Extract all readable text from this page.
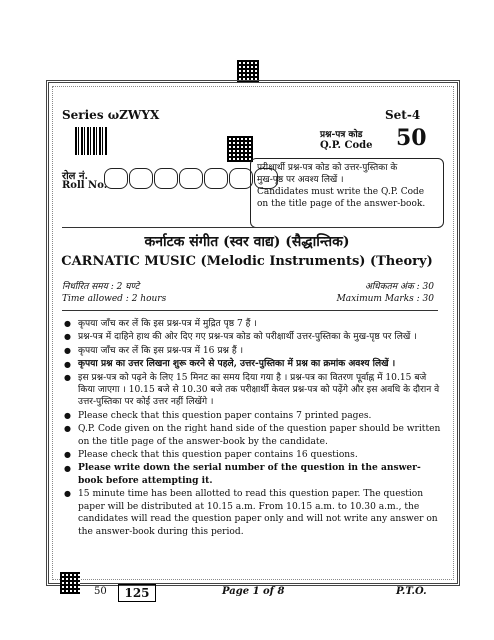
Series ωZWYX	Set-4
प्रश्न-पत्र कोड
Q.P. Code 50
रोल नं.
Roll No.
परीक्षार्थी प्रश्न-पत्र कोड को उत्तर-पुस्तिका के
मुख-पृष्ठ पर अवश्य लिखें ।
Candidates must write the Q.P. Code
on the title page of the answer-book.
कर्नाटक संगीत (स्वर वाद्य) (सैद्धान्तिक)
CARNATIC MUSIC (Melodic Instruments) (Theory)
निर्धारित समय : 2 घण्टे	अधिकतम अंक : 30
Time allowed : 2 hours	Maximum Marks : 30
● कृपया जाँच कर लें कि इस प्रश्न-पत्र में मुद्रित पृष्ठ 7 हैं ।
● प्रश्न-पत्र में दाहिने हाथ की ओर दिए गए प्रश्न-पत्र कोड को परीक्षार्थी उत्तर-पुस्तिका के मुख-पृष्ठ पर लिखें ।
● कृपया जाँच कर लें कि इस प्रश्न-पत्र में 16 प्रश्न हैं ।
● कृपया प्रश्न का उत्तर लिखना शुरू करने से पहले, उत्तर-पुस्तिका में प्रश्न का क्रमांक अवश्य लिखें ।
● इस प्रश्न-पत्र को पढ़ने के लिए 15 मिनट का समय दिया गया है । प्रश्न-पत्र का वितरण पूर्वाह्न में 10.15 बजे किया जाएगा । 10.15 बजे से 10.30 बजे तक परीक्षार्थी केवल प्रश्न-पत्र को पढ़ेंगे और इस अवधि के दौरान वे उत्तर-पुस्तिका पर कोई उत्तर नहीं लिखेंगे ।
● Please check that this question paper contains 7 printed pages.
● Q.P. Code given on the right hand side of the question paper should be written on the title page of the answer-book by the candidate.
● Please check that this question paper contains 16 questions.
● Please write down the serial number of the question in the answer-book before attempting it.
● 15 minute time has been allotted to read this question paper. The question paper will be distributed at 10.15 a.m. From 10.15 a.m. to 10.30 a.m., the candidates will read the question paper only and will not write any answer on the answer-book during this period.
50	125	Page 1 of 8	P.T.O.
